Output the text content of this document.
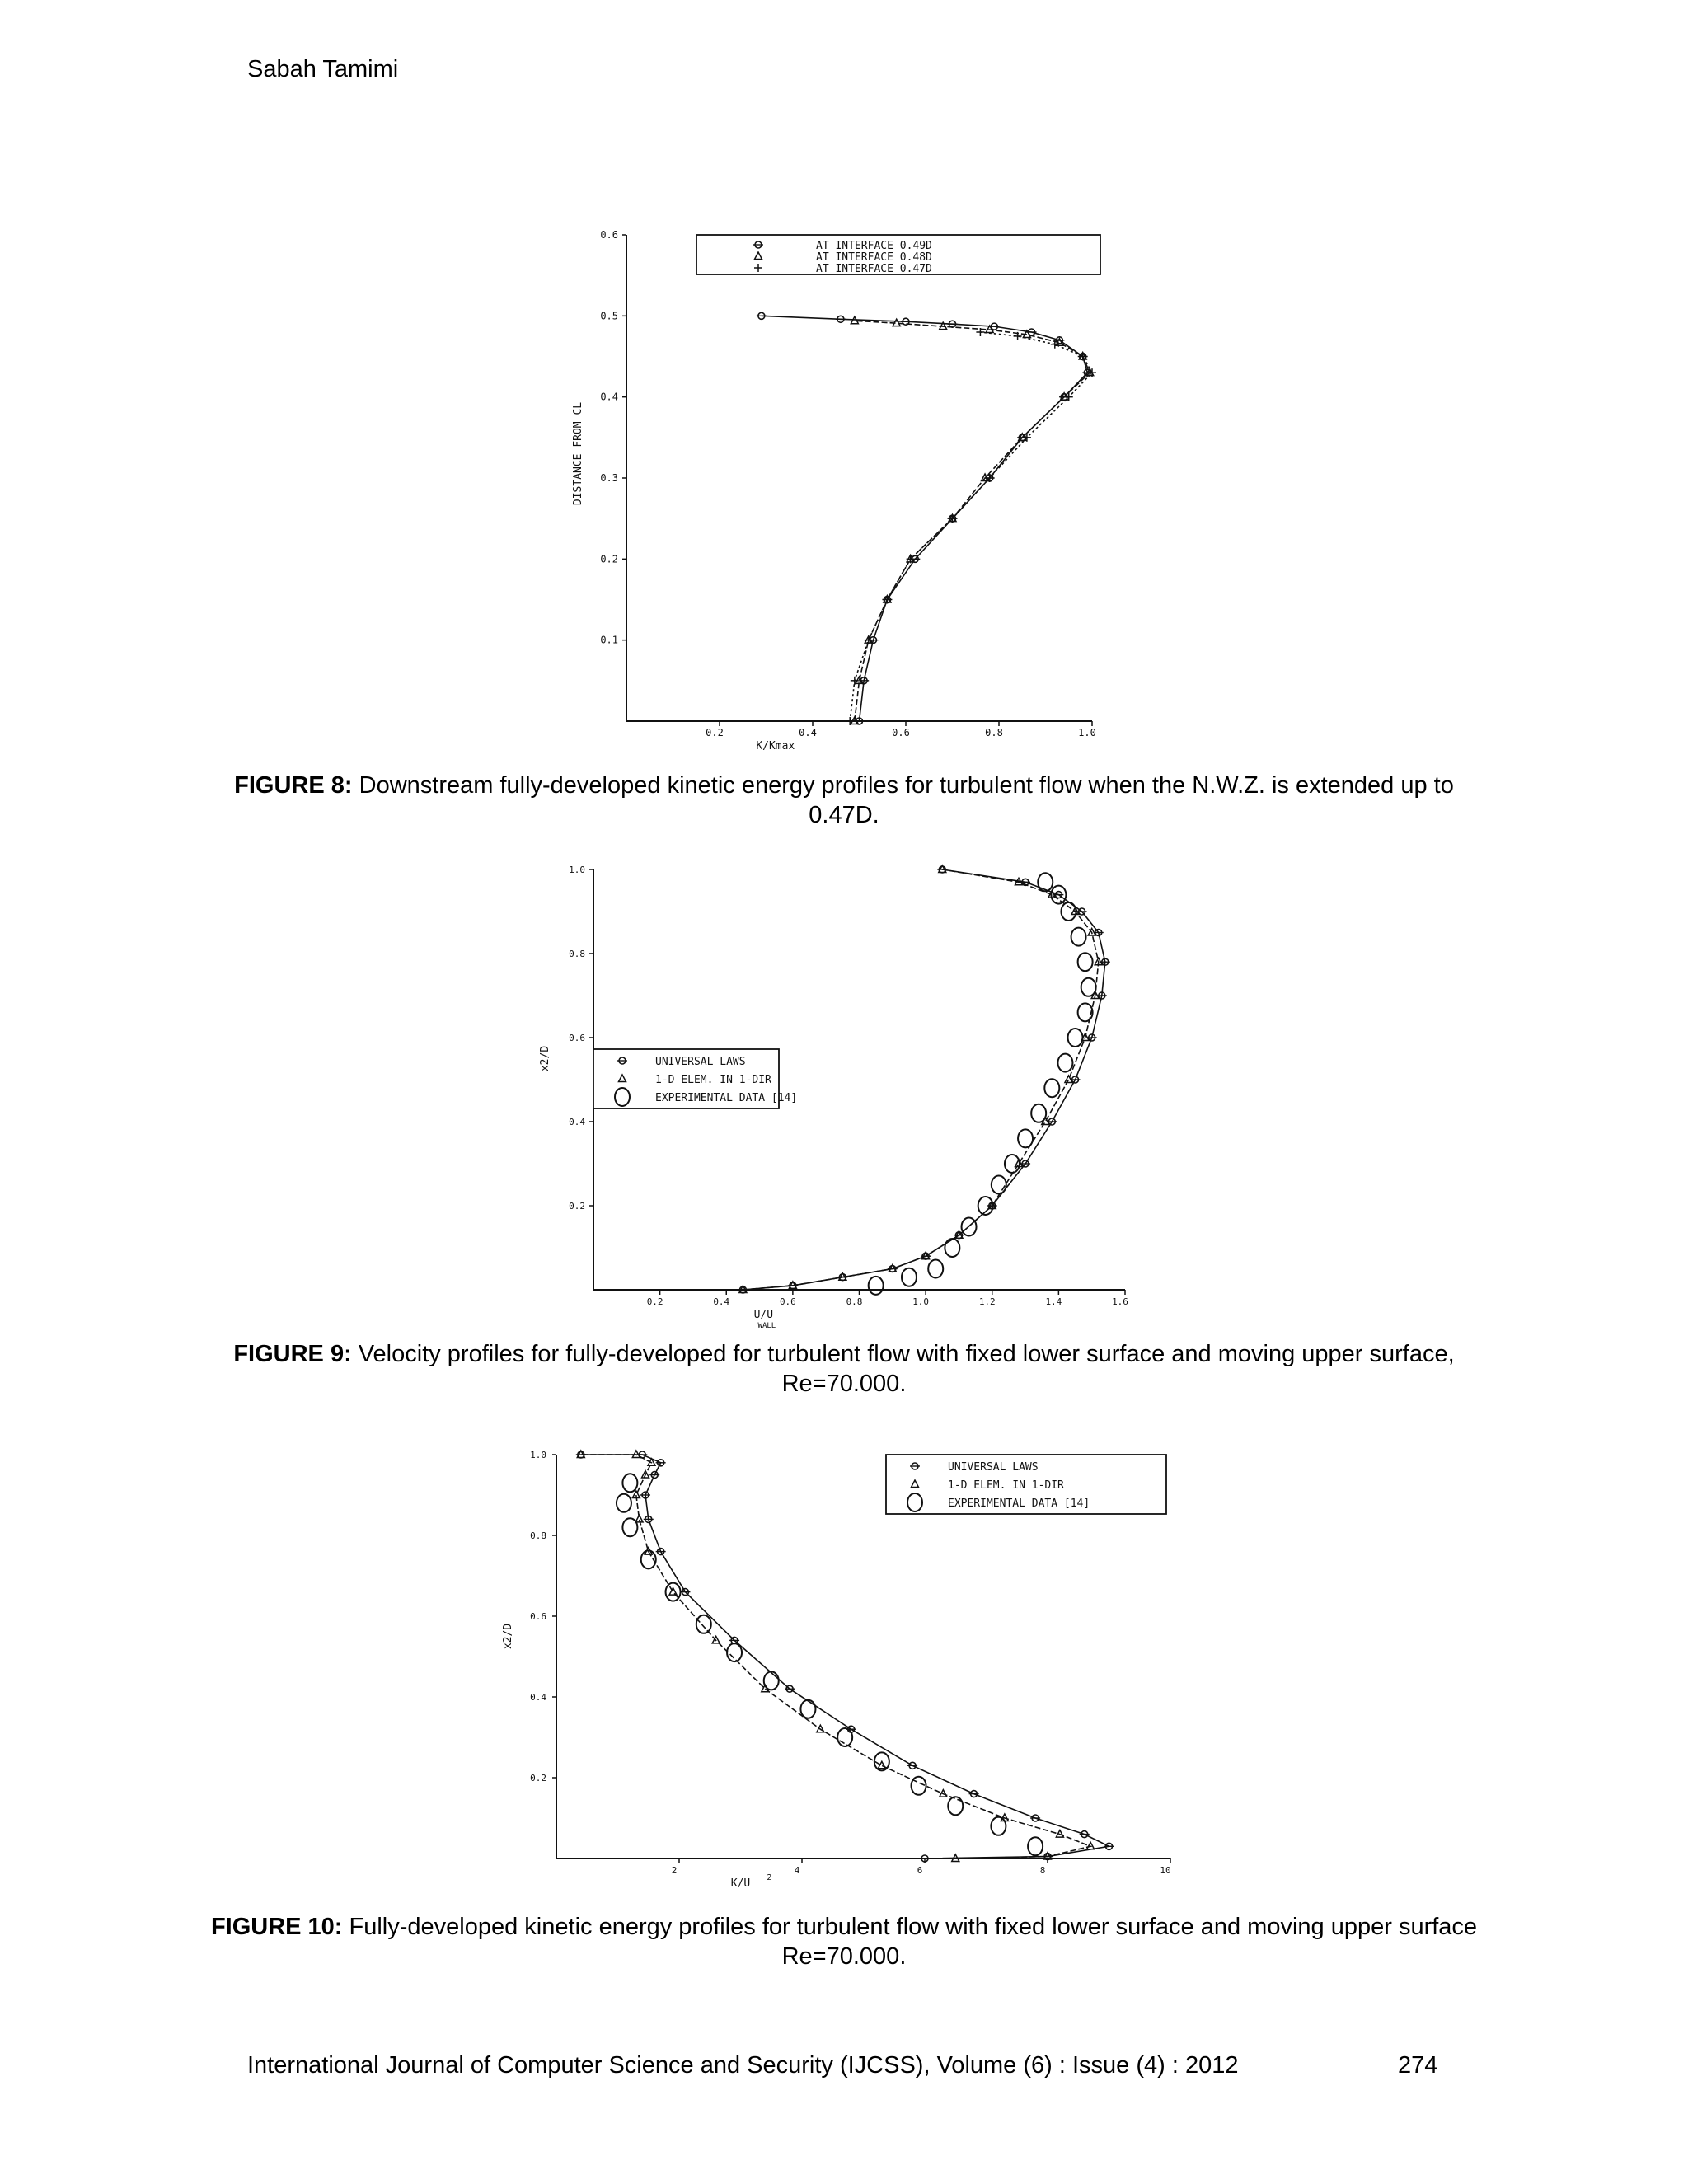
Sabah Tamimi
0.2	0.4	0.6	0.8	1.0
0.1
0.2
0.3
0.4
0.5
0.6
K/Kmax
DISTANCE FROM CL
AT INTERFACE 0.49D
AT INTERFACE 0.48D
AT INTERFACE 0.47D
FIGURE 8: Downstream fully-developed kinetic energy profiles for turbulent flow when the N.W.Z. is extended up to 0.47D.
0.2	0.4	0.6	0.8	1.0	1.2	1.4	1.6
0.2
0.4
0.6
0.8
1.0
U/U
WALL
x2/D	UNIVERSAL LAWS
1-D ELEM. IN 1-DIR
EXPERIMENTAL DATA [14]
FIGURE 9: Velocity profiles for fully-developed for turbulent flow with fixed lower surface and moving upper surface, Re=70.000.
2	4	6	8	10
0.2
0.4
0.6
0.8
1.0
K/U 2
x2/D
UNIVERSAL LAWS
1-D ELEM. IN 1-DIR
EXPERIMENTAL DATA [14]
FIGURE 10: Fully-developed kinetic energy profiles for turbulent flow with fixed lower surface and moving upper surface Re=70.000.
International Journal of Computer Science and Security (IJCSS), Volume (6) : Issue (4) : 2012	274
